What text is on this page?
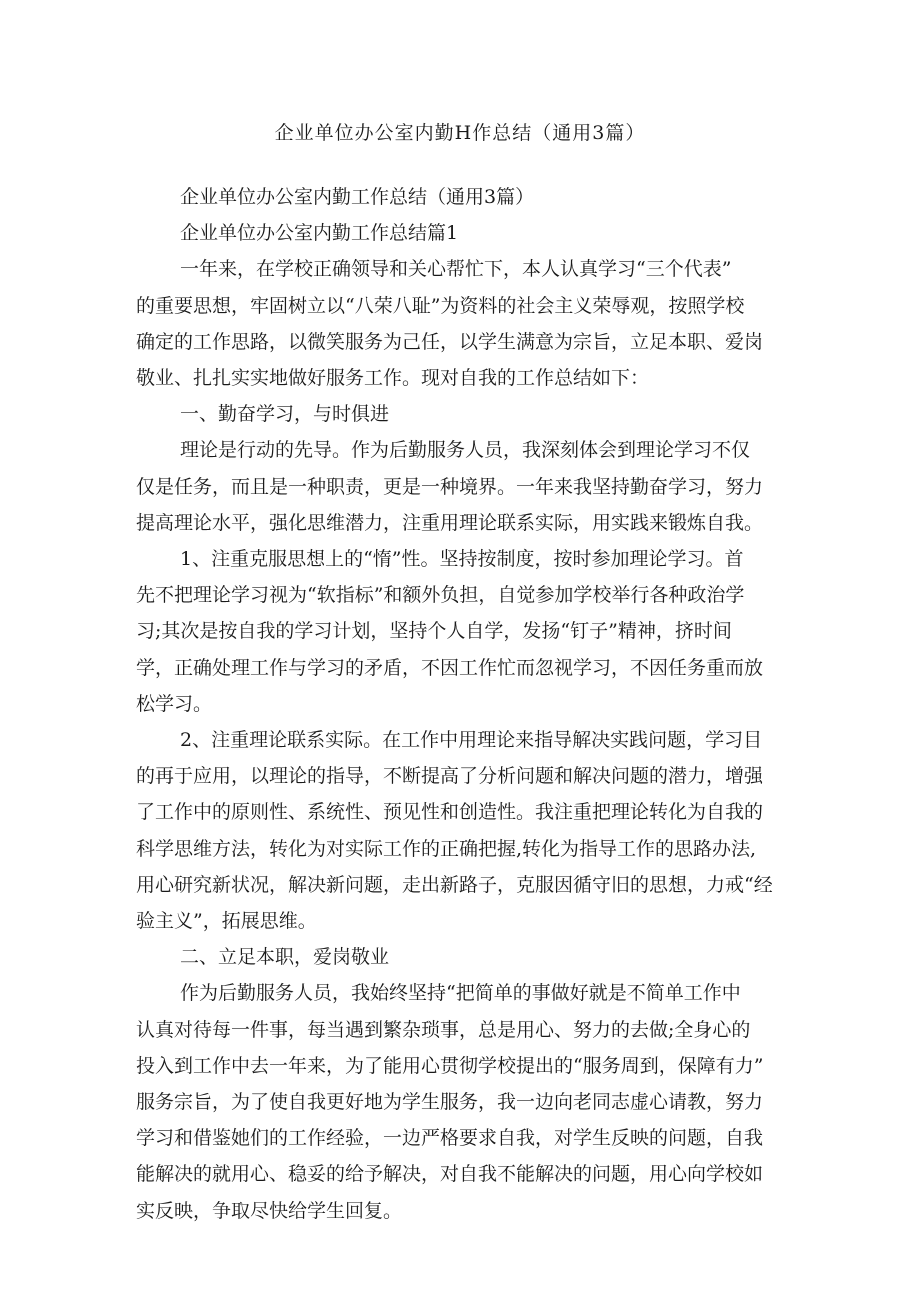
企业单位办公室内勤H作总结（通用3篇）

企业单位办公室内勤工作总结（通用3篇）

企业单位办公室内勤工作总结篇1

一年来，在学校正确领导和关心帮忙下，本人认真学习“三个代表”
的重要思想，牢固树立以“八荣八耻”为资料的社会主义荣辱观，按照学校
确定的工作思路，以微笑服务为己任，以学生满意为宗旨，立足本职、爱岗
敬业、扎扎实实地做好服务工作。现对自我的工作总结如下：

一、勤奋学习，与时俱进

理论是行动的先导。作为后勤服务人员，我深刻体会到理论学习不仅
仅是任务，而且是一种职责，更是一种境界。一年来我坚持勤奋学习，努力
提高理论水平，强化思维潜力，注重用理论联系实际，用实践来锻炼自我。

1、注重克服思想上的“惰”性。坚持按制度，按时参加理论学习。首
先不把理论学习视为“软指标”和额外负担，自觉参加学校举行各种政治学
习;其次是按自我的学习计划，坚持个人自学，发扬“钉子”精神，挤时间
学，正确处理工作与学习的矛盾，不因工作忙而忽视学习，不因任务重而放
松学习。

2、注重理论联系实际。在工作中用理论来指导解决实践问题，学习目
的再于应用，以理论的指导，不断提高了分析问题和解决问题的潜力，增强
了工作中的原则性、系统性、预见性和创造性。我注重把理论转化为自我的
科学思维方法，转化为对实际工作的正确把握,转化为指导工作的思路办法,
用心研究新状况，解决新问题，走出新路子，克服因循守旧的思想，力戒“经
验主义”，拓展思维。

二、立足本职，爱岗敬业

作为后勤服务人员，我始终坚持“把简单的事做好就是不简单工作中
认真对待每一件事，每当遇到繁杂琐事，总是用心、努力的去做;全身心的
投入到工作中去一年来，为了能用心贯彻学校提出的“服务周到，保障有力”
服务宗旨，为了使自我更好地为学生服务，我一边向老同志虚心请教，努力
学习和借鉴她们的工作经验，一边严格要求自我，对学生反映的问题，自我
能解决的就用心、稳妥的给予解决，对自我不能解决的问题，用心向学校如
实反映，争取尽快给学生回复。
